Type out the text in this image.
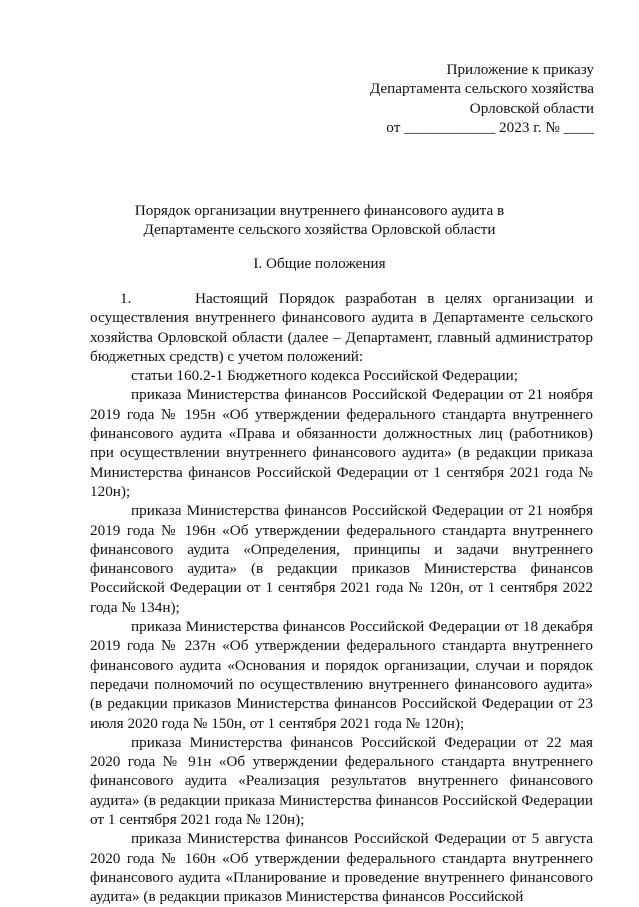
Приложение к приказу
Департамента сельского хозяйства
Орловской области
от ____________ 2023 г. № ____
Порядок организации внутреннего финансового аудита в Департаменте сельского хозяйства Орловской области
I. Общие положения

1.      Настоящий Порядок разработан в целях организации и осуществления внутреннего финансового аудита в Департаменте сельского хозяйства Орловской области (далее – Департамент, главный администратор бюджетных средств) с учетом положений:

статьи 160.2-1 Бюджетного кодекса Российской Федерации;

приказа Министерства финансов Российской Федерации от 21 ноября 2019 года № 195н «Об утверждении федерального стандарта внутреннего финансового аудита «Права и обязанности должностных лиц (работников) при осуществлении внутреннего финансового аудита» (в редакции приказа Министерства финансов Российской Федерации от 1 сентября 2021 года № 120н);

приказа Министерства финансов Российской Федерации от 21 ноября 2019 года № 196н «Об утверждении федерального стандарта внутреннего финансового аудита «Определения, принципы и задачи внутреннего финансового аудита» (в редакции приказов Министерства финансов Российской Федерации от 1 сентября 2021 года № 120н, от 1 сентября 2022 года № 134н);

приказа Министерства финансов Российской Федерации от 18 декабря 2019 года № 237н «Об утверждении федерального стандарта внутреннего финансового аудита «Основания и порядок организации, случаи и порядок передачи полномочий по осуществлению внутреннего финансового аудита» (в редакции приказов Министерства финансов Российской Федерации от 23 июля 2020 года № 150н, от 1 сентября 2021 года № 120н);

приказа Министерства финансов Российской Федерации от 22 мая 2020 года № 91н «Об утверждении федерального стандарта внутреннего финансового аудита «Реализация результатов внутреннего финансового аудита» (в редакции приказа Министерства финансов Российской Федерации от 1 сентября 2021 года № 120н);

приказа Министерства финансов Российской Федерации от 5 августа 2020 года № 160н «Об утверждении федерального стандарта внутреннего финансового аудита «Планирование и проведение внутреннего финансового аудита» (в редакции приказов Министерства финансов Российской
